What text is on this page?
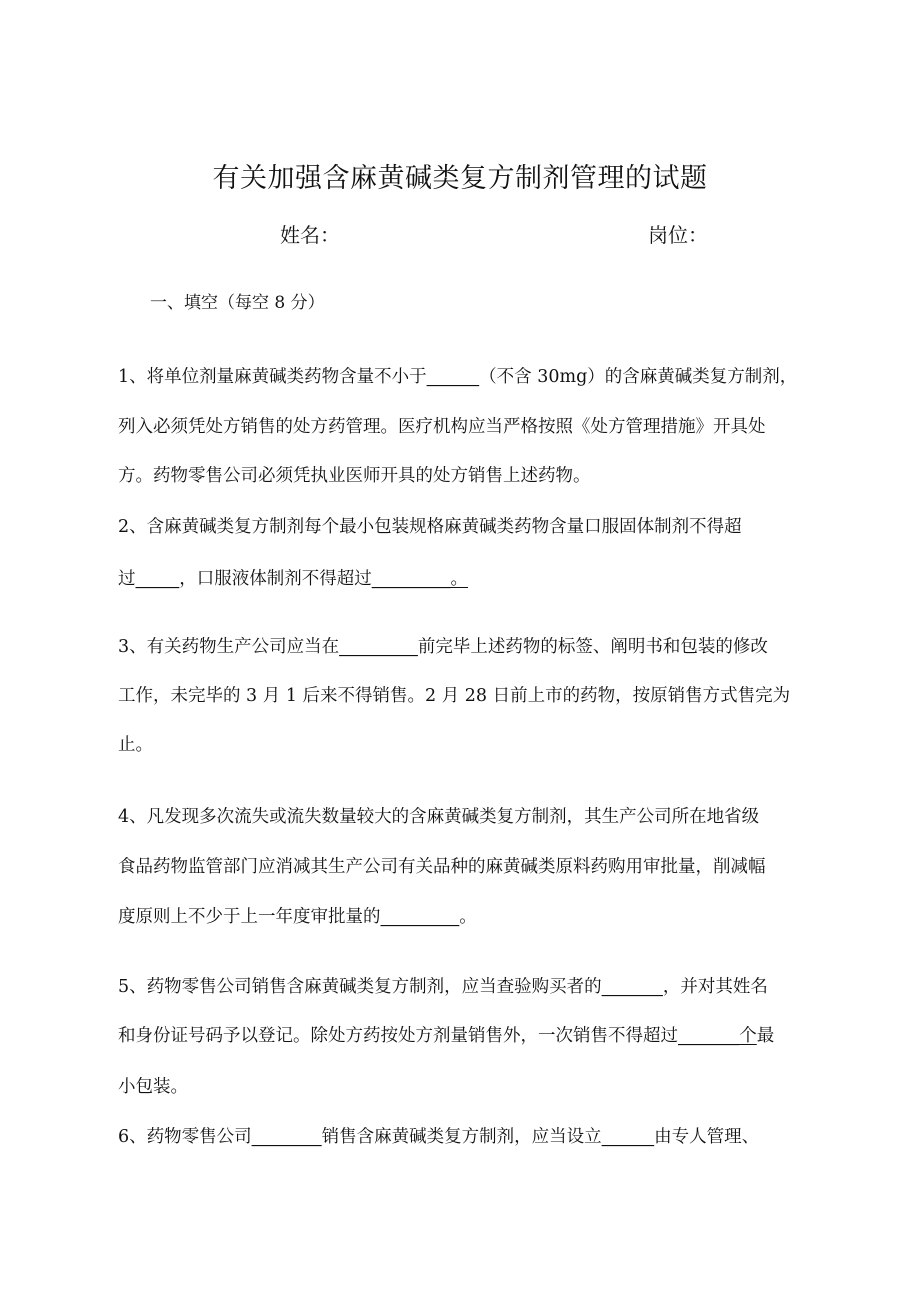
有关加强含麻黄碱类复方制剂管理的试题
姓名：	岗位：
一、填空（每空 8 分）
1、将单位剂量麻黄碱类药物含量不小于______（不含 30mg）的含麻黄碱类复方制剂，
列入必须凭处方销售的处方药管理。医疗机构应当严格按照《处方管理措施》开具处
方。药物零售公司必须凭执业医师开具的处方销售上述药物。
2、含麻黄碱类复方制剂每个最小包装规格麻黄碱类药物含量口服固体制剂不得超
过_____，口服液体制剂不得超过_________。
3、有关药物生产公司应当在_________前完毕上述药物的标签、阐明书和包装的修改
工作，未完毕的 3 月 1 后来不得销售。2 月 28 日前上市的药物，按原销售方式售完为
止。
4、凡发现多次流失或流失数量较大的含麻黄碱类复方制剂，其生产公司所在地省级
食品药物监管部门应消减其生产公司有关品种的麻黄碱类原料药购用审批量，削减幅
度原则上不少于上一年度审批量的_________。
5、药物零售公司销售含麻黄碱类复方制剂，应当查验购买者的_______，并对其姓名
和身份证号码予以登记。除处方药按处方剂量销售外，一次销售不得超过_______个最
小包装。
6、药物零售公司________销售含麻黄碱类复方制剂，应当设立______由专人管理、
